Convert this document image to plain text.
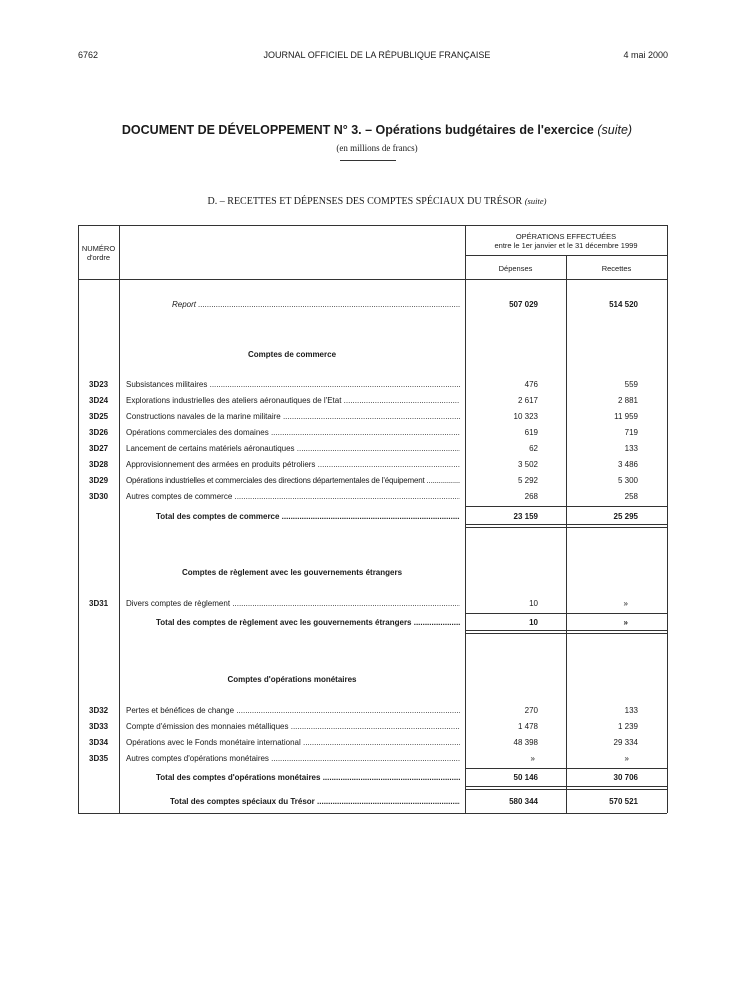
6762	JOURNAL OFFICIEL DE LA RÉPUBLIQUE FRANÇAISE	4 mai 2000
DOCUMENT DE DÉVELOPPEMENT N° 3. – Opérations budgétaires de l'exercice (suite)
(en millions de francs)
D. – RECETTES ET DÉPENSES DES COMPTES SPÉCIAUX DU TRÉSOR (suite)
NUMÉRO
d'ordre
OPÉRATIONS EFFECTUÉES
entre le 1er janvier et le 31 décembre 1999
Dépenses	Recettes
Report .....	507 029	514 520
Comptes de commerce
3D23 Subsistances militaires .....	476	559
3D24 Explorations industrielles des ateliers aéronautiques de l'Etat .....	2 617	2 881
3D25 Constructions navales de la marine militaire .....	10 323	11 959
3D26 Opérations commerciales des domaines .....	619	719
3D27 Lancement de certains matériels aéronautiques .....	62	133
3D28 Approvisionnement des armées en produits pétroliers .....	3 502	3 486
3D29 Opérations industrielles et commerciales des directions départementales de l'équipement .....	5 292	5 300
3D30 Autres comptes de commerce .....	268	258
Total des comptes de commerce .....	23 159	25 295
Comptes de règlement avec les gouvernements étrangers
3D31 Divers comptes de règlement .....	10	»
Total des comptes de règlement avec les gouvernements étrangers .....	10	»
Comptes d'opérations monétaires
3D32 Pertes et bénéfices de change .....	270	133
3D33 Compte d'émission des monnaies métalliques .....	1 478	1 239
3D34 Opérations avec le Fonds monétaire international .....	48 398	29 334
3D35 Autres comptes d'opérations monétaires .....	»	»
Total des comptes d'opérations monétaires .....	50 146	30 706
Total des comptes spéciaux du Trésor .....	580 344	570 521
